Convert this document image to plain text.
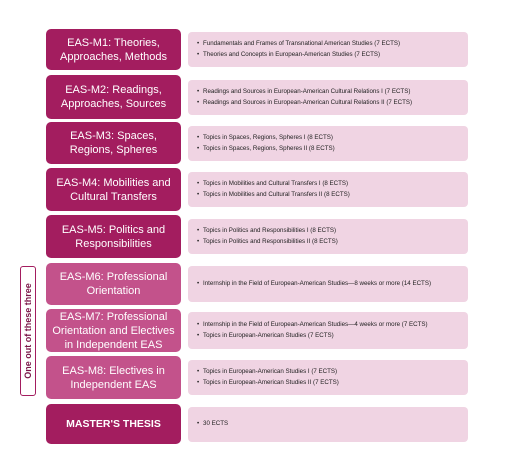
EAS-M1: Theories, Approaches, Methods
• Fundamentals and Frames of Transnational American Studies (7 ECTS)
• Theories and Concepts in European-American Studies (7 ECTS)
EAS-M2: Readings, Approaches, Sources
• Readings and Sources in European-American Cultural Relations I (7 ECTS)
• Readings and Sources in European-American Cultural Relations II (7 ECTS)
EAS-M3: Spaces, Regions, Spheres
• Topics in Spaces, Regions, Spheres I (8 ECTS)
• Topics in Spaces, Regions, Spheres II (8 ECTS)
EAS-M4: Mobilities and Cultural Transfers
• Topics in Mobilities and Cultural Transfers I (8 ECTS)
• Topics in Mobilities and Cultural Transfers II (8 ECTS)
EAS-M5: Politics and Responsibilities
• Topics in Politics and Responsibilities I (8 ECTS)
• Topics in Politics and Responsibilities II (8 ECTS)
One out of these three
EAS-M6: Professional Orientation
• Internship in the Field of European-American Studies—8 weeks or more (14 ECTS)
EAS-M7: Professional Orientation and Electives in Independent EAS
• Internship in the Field of European-American Studies—4 weeks or more (7 ECTS)
• Topics in European-American Studies (7 ECTS)
EAS-M8: Electives in Independent EAS
• Topics in European-American Studies I (7 ECTS)
• Topics in European-American Studies II (7 ECTS)
MASTER'S THESIS	• 30 ECTS
